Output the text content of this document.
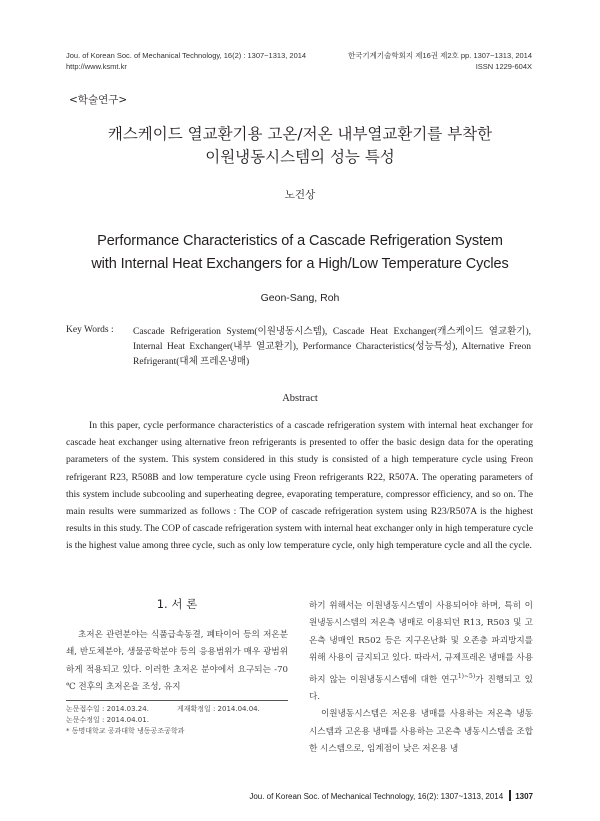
Jou. of Korean Soc. of Mechanical Technology, 16(2) : 1307~1313, 2014
http://www.ksmt.kr
한국기계기술학회지 제16권 제2호 pp. 1307~1313, 2014
ISSN 1229-604X
<학술연구>
캐스케이드 열교환기용 고온/저온 내부열교환기를 부착한
이원냉동시스템의 성능 특성
노건상
Performance Characteristics of a Cascade Refrigeration System
with Internal Heat Exchangers for a High/Low Temperature Cycles
Geon-Sang, Roh
Key Words : Cascade Refrigeration System(이원냉동시스템), Cascade Heat Exchanger(캐스케이드 열교환기), Internal Heat Exchanger(내부 열교환기), Performance Characteristics(성능특성), Alternative Freon Refrigerant(대체 프레온냉매)
Abstract
In this paper, cycle performance characteristics of a cascade refrigeration system with internal heat exchanger for cascade heat exchanger using alternative freon refrigerants is presented to offer the basic design data for the operating parameters of the system. This system considered in this study is consisted of a high temperature cycle using Freon refrigerant R23, R508B and low temperature cycle using Freon refrigerants R22, R507A. The operating parameters of this system include subcooling and superheating degree, evaporating temperature, compressor efficiency, and so on. The main results were summarized as follows : The COP of cascade refrigeration system using R23/R507A is the highest results in this study. The COP of cascade refrigeration system with internal heat exchanger only in high temperature cycle is the highest value among three cycle, such as only low temperature cycle, only high temperature cycle and all the cycle.
1. 서 론
초저온 관련분야는 식품급속동결, 폐타이어 등의 저온분쇄, 반도체분야, 생물공학분야 등의 응용범위가 매우 광범위하게 적용되고 있다. 이러한 초저온 분야에서 요구되는 -70 ℃ 전후의 초저온을 조성, 유지
논문접수일 : 2014.03.24.	게재확정일 : 2014.04.04.
논문수정일 : 2014.04.01.
* 동명대학교 공과대학 냉동공조공학과
하기 위해서는 이원냉동시스템이 사용되어야 하며, 특히 이원냉동시스템의 저온측 냉매로 이용되던 R13, R503 및 고온측 냉매인 R502 등은 지구온난화 및 오존층 파괴방지를 위해 사용이 금지되고 있다. 따라서, 규제프레온 냉매를 사용하지 않는 이원냉동시스템에 대한 연구$^{1)\sim 5)}$가 진행되고 있다.
이원냉동시스템은 저온용 냉매를 사용하는 저온측 냉동시스템과 고온용 냉매를 사용하는 고온측 냉동시스템을 조합한 시스템으로, 임계점이 낮은 저온용 냉
Jou. of Korean Soc. of Mechanical Technology, 16(2): 1307~1313, 2014 1307
